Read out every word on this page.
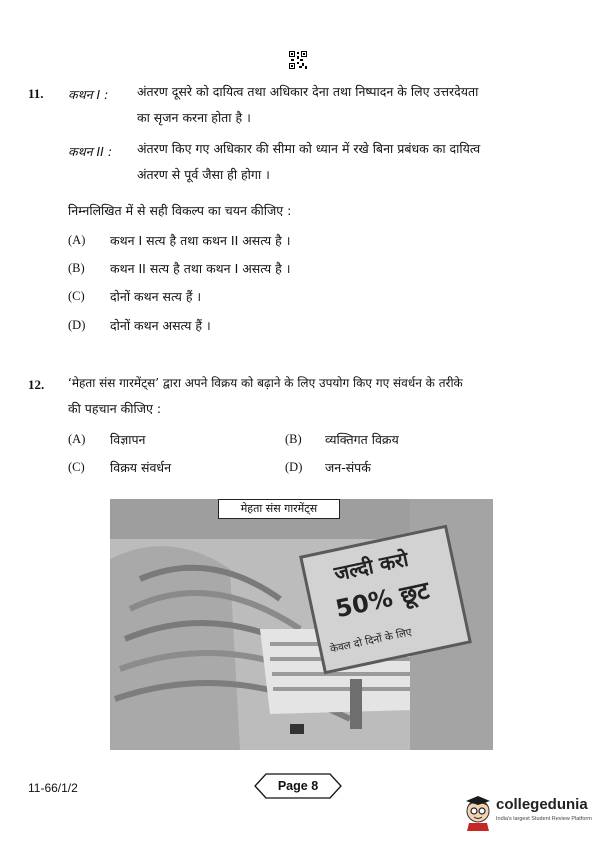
11. कथन I : अंतरण दूसरे को दायित्व तथा अधिकार देना तथा निष्पादन के लिए उत्तरदेयता
का सृजन करना होता है ।
कथन II : अंतरण किए गए अधिकार की सीमा को ध्यान में रखे बिना प्रबंधक का दायित्व
अंतरण से पूर्व जैसा ही होगा ।
निम्नलिखित में से सही विकल्प का चयन कीजिए :
(A) कथन I सत्य है तथा कथन II असत्य है ।
(B) कथन II सत्य है तथा कथन I असत्य है ।
(C) दोनों कथन सत्य हैं ।
(D) दोनों कथन असत्य हैं ।
12. ‘मेहता संस गारमेंट्स’ द्वारा अपने विक्रय को बढ़ाने के लिए उपयोग किए गए संवर्धन के तरीके
की पहचान कीजिए :
(A) विज्ञापन	(B) व्यक्तिगत विक्रय
(C) विक्रय संवर्धन	(D) जन-संपर्क
मेहता संस गारमेंट्स
जल्दी करो
50% छूट
केवल दो दिनों के लिए
11-66/1/2	Page 8
collegedunia
India's largest Student Review Platform
